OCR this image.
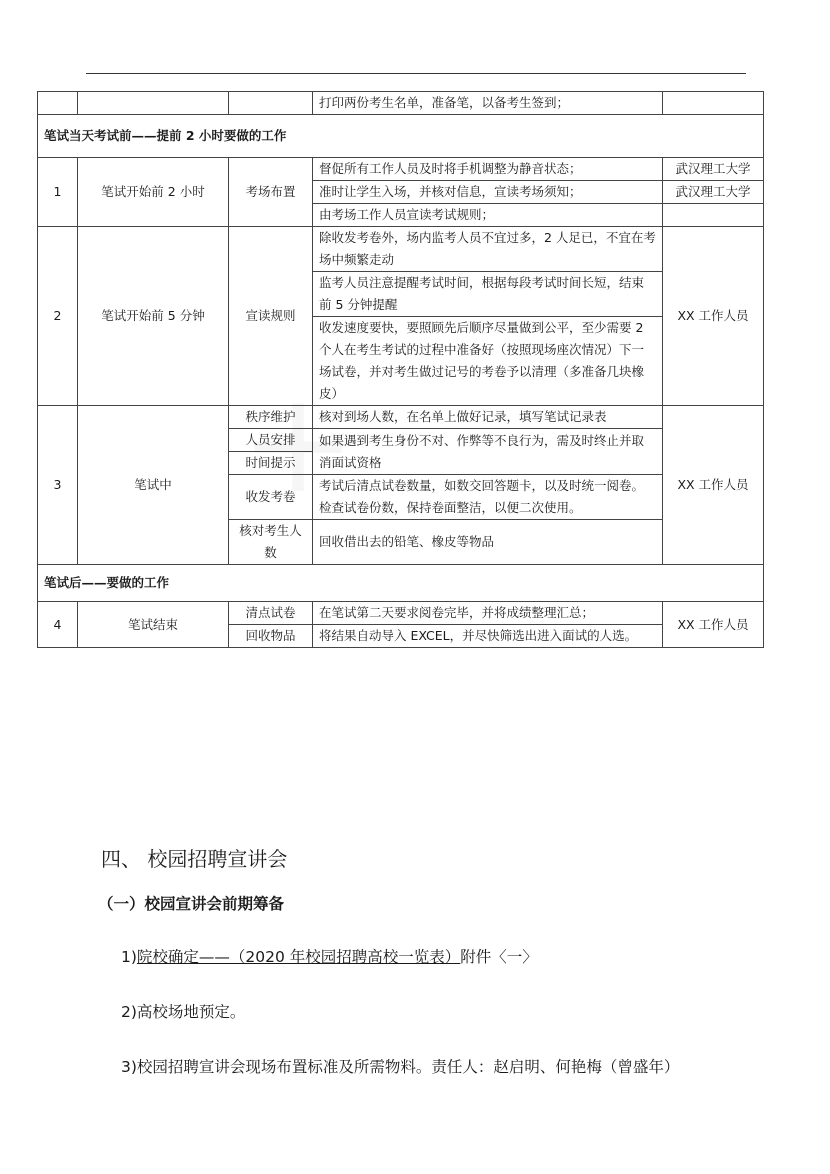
			打印两份考生名单，准备笔，以备考生签到；	
笔试当天考试前——提前 2 小时要做的工作				
1	笔试开始前 2 小时	考场布置	督促所有工作人员及时将手机调整为静音状态；	武汉理工大学
			准时让学生入场，并核对信息，宣读考场须知；	武汉理工大学
			由考场工作人员宣读考试规则；	
2	笔试开始前 5 分钟	宣读规则	除收发考卷外，场内监考人员不宜过多，2 人足已，不宜在考场中频繁走动	XX 工作人员
			监考人员注意提醒考试时间，根据每段考试时间长短，结束前 5 分钟提醒	
			收发速度要快，要照顾先后顺序尽量做到公平，至少需要 2 个人在考生考试的过程中准备好（按照现场座次情况）下一场试卷，并对考生做过记号的考卷予以清理（多准备几块橡皮）	
3	笔试中	秩序维护	核对到场人数，在名单上做好记录，填写笔试记录表	XX 工作人员
		人员安排	如果遇到考生身份不对、作弊等不良行为，需及时终止并取消面试资格	
		时间提示		
		收发考卷	考试后清点试卷数量，如数交回答题卡，以及时统一阅卷。检查试卷份数，保持卷面整洁，以便二次使用。	

		核对考生人数	回收借出去的铅笔、橡皮等物品	
笔试后——要做的工作				
4	笔试结束	清点试卷	在笔试第二天要求阅卷完毕，并将成绩整理汇总；	XX 工作人员
		回收物品	将结果自动导入 EXCEL，并尽快筛选出进入面试的人选。	
四、 校园招聘宣讲会
（一）校园宣讲会前期筹备
1)院校确定——（2020 年校园招聘高校一览表）附件〈一〉
2)高校场地预定。
3)校园招聘宣讲会现场布置标准及所需物料。责任人：赵启明、何艳梅（曾盛年）
